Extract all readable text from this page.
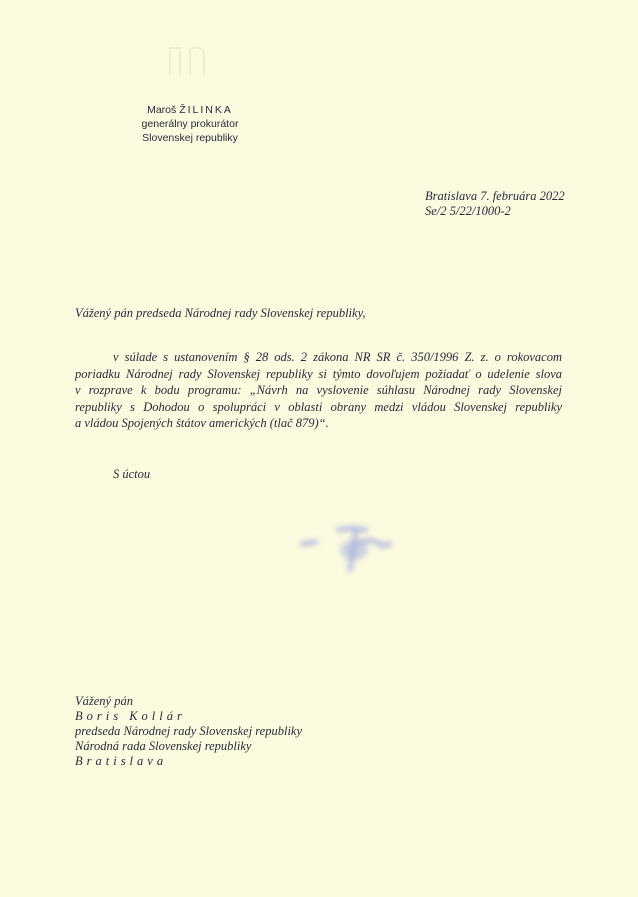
Maroš ŽILINKA
generálny prokurátor
Slovenskej republiky
Bratislava 7. februára 2022
Se/2 5/22/1000-2
Vážený pán predseda Národnej rady Slovenskej republiky,
v súlade s ustanovením § 28 ods. 2 zákona NR SR č. 350/1996 Z. z. o rokovacom
poriadku Národnej rady Slovenskej republiky si týmto dovoľujem požiadať o udelenie slova
v rozprave k bodu programu: „Návrh na vyslovenie súhlasu Národnej rady Slovenskej
republiky s Dohodou o spolupráci v oblasti obrany medzi vládou Slovenskej republiky
a vládou Spojených štátov amerických (tlač 879)“.
S úctou
Vážený pán
Boris Kollár
predseda Národnej rady Slovenskej republiky
Národná rada Slovenskej republiky
Bratislava
